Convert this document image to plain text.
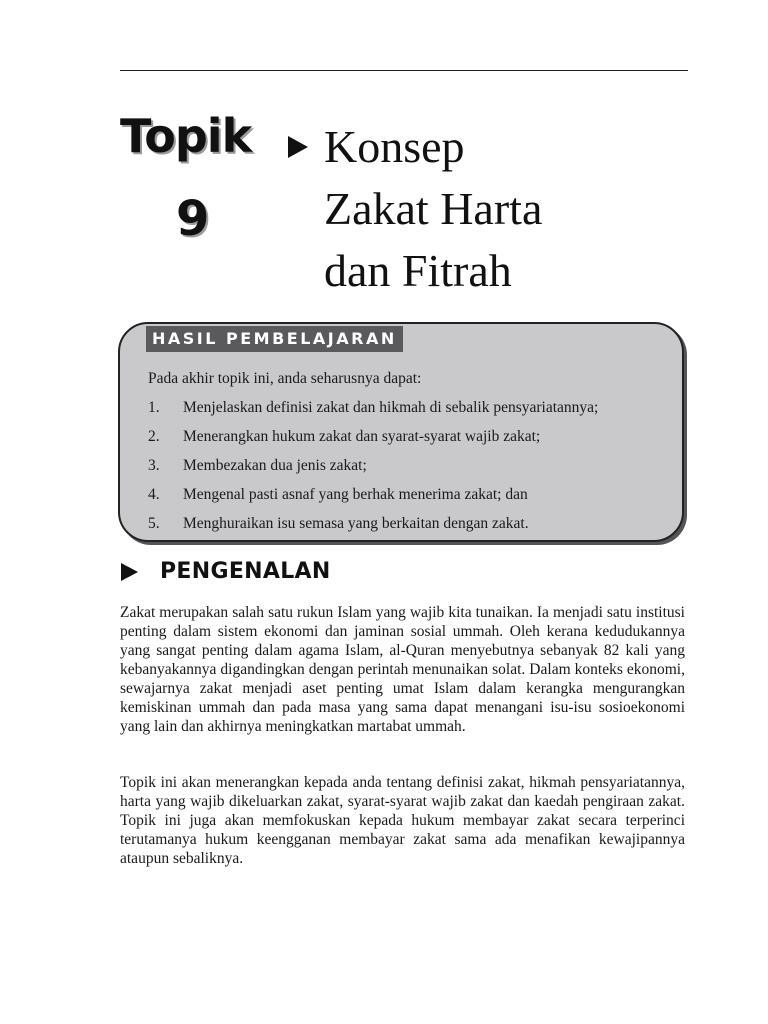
Topik
9
Konsep
Zakat Harta
dan Fitrah
HASIL PEMBELAJARAN
Pada akhir topik ini, anda seharusnya dapat:
1.	Menjelaskan definisi zakat dan hikmah di sebalik pensyariatannya;
2.	Menerangkan hukum zakat dan syarat-syarat wajib zakat;
3.	Membezakan dua jenis zakat;
4.	Mengenal pasti asnaf yang berhak menerima zakat; dan
5.	Menghuraikan isu semasa yang berkaitan dengan zakat.
PENGENALAN

Zakat merupakan salah satu rukun Islam yang wajib kita tunaikan. Ia menjadi satu institusi penting dalam sistem ekonomi dan jaminan sosial ummah. Oleh kerana kedudukannya yang sangat penting dalam agama Islam, al-Quran menyebutnya sebanyak 82 kali yang kebanyakannya digandingkan dengan perintah menunaikan solat. Dalam konteks ekonomi, sewajarnya zakat menjadi aset penting umat Islam dalam kerangka mengurangkan kemiskinan ummah dan pada masa yang sama dapat menangani isu-isu sosioekonomi yang lain dan akhirnya meningkatkan martabat ummah.

Topik ini akan menerangkan kepada anda tentang definisi zakat, hikmah pensyariatannya, harta yang wajib dikeluarkan zakat, syarat-syarat wajib zakat dan kaedah pengiraan zakat. Topik ini juga akan memfokuskan kepada hukum membayar zakat secara terperinci terutamanya hukum keengganan membayar zakat sama ada menafikan kewajipannya ataupun sebaliknya.
